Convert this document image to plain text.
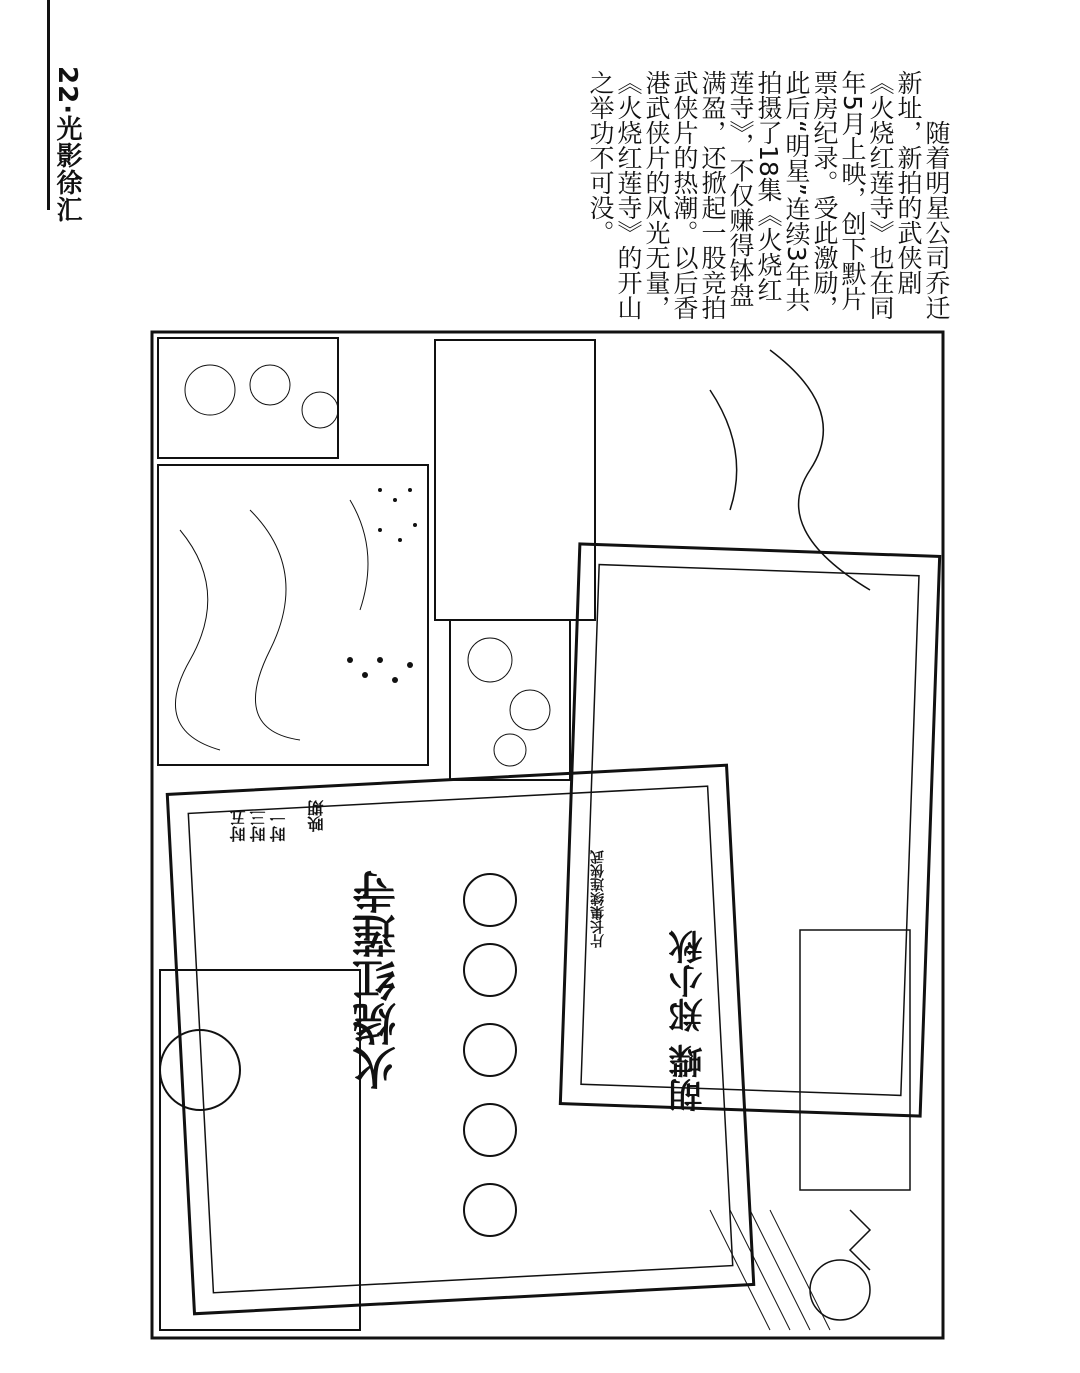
22·光影徐汇	随着明星公司乔迁新址，新拍的武侠剧《火烧红莲寺》也在同年5月上映，创下默片票房纪录。受此激励，此后“明星”连续3年共拍摄了18集《火烧红莲寺》，不仅赚得钵盘满盈，还掀起一股竞拍武侠片的热潮。以后香港武侠片的风光无量，《火烧红莲寺》的开山之举功不可没。

火烧红莲寺	胡蝶 郑小秋
片长集续连侠武
映期
时一
时三
时五
